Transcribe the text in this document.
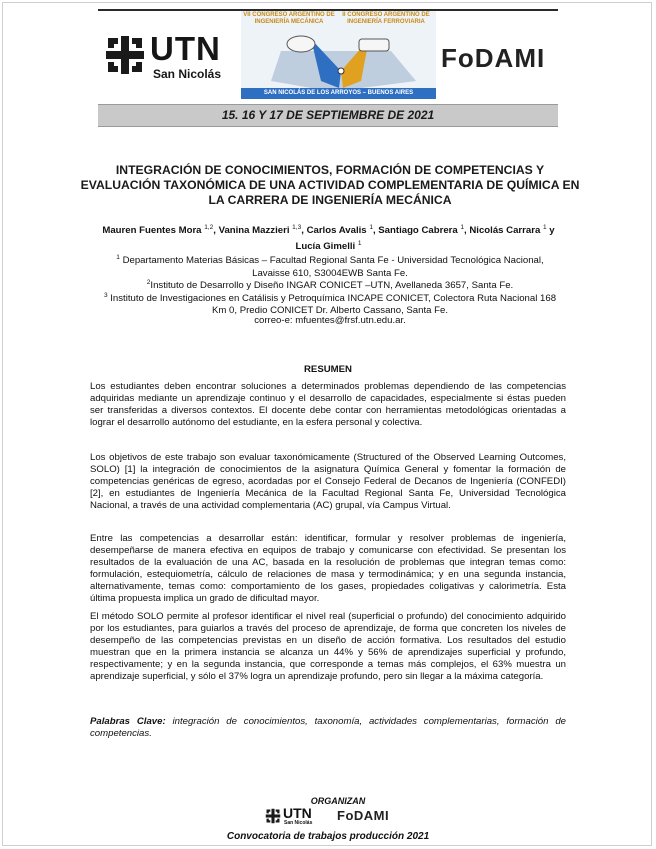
UTN
San Nicolás
VII CONGRESO ARGENTINO DE INGENIERÍA MECÁNICA
II CONGRESO ARGENTINO DE INGENIERÍA FERROVIARIA
SAN NICOLÁS DE LOS ARROYOS – BUENOS AIRES
FoDAMI
15. 16 Y 17 DE SEPTIEMBRE DE 2021
INTEGRACIÓN DE CONOCIMIENTOS, FORMACIÓN DE COMPETENCIAS Y EVALUACIÓN TAXONÓMICA DE UNA ACTIVIDAD COMPLEMENTARIA DE QUÍMICA EN LA CARRERA DE INGENIERÍA MECÁNICA
Mauren Fuentes Mora $^{1,2}$, Vanina Mazzieri $^{1,3}$, Carlos Avalis $^1$, Santiago Cabrera $^1$, Nicolás Carrara $^1$ y Lucía Gimelli $^1$
$^1$ Departamento Materias Básicas – Facultad Regional Santa Fe - Universidad Tecnológica Nacional, Lavaisse 610, S3004EWB Santa Fe.
$^2$Instituto de Desarrollo y Diseño INGAR CONICET –UTN, Avellaneda 3657, Santa Fe.
$^3$ Instituto de Investigaciones en Catálisis y Petroquímica INCAPE CONICET, Colectora Ruta Nacional 168 Km 0, Predio CONICET Dr. Alberto Cassano, Santa Fe.
correo-e: mfuentes@frsf.utn.edu.ar.
RESUMEN
Los estudiantes deben encontrar soluciones a determinados problemas dependiendo de las competencias adquiridas mediante un aprendizaje continuo y el desarrollo de capacidades, especialmente si éstas pueden ser transferidas a diversos contextos. El docente debe contar con herramientas metodológicas orientadas a lograr el desarrollo autónomo del estudiante, en la esfera personal y colectiva.
Los objetivos de este trabajo son evaluar taxonómicamente (Structured of the Observed Learning Outcomes, SOLO) [1] la integración de conocimientos de la asignatura Química General y fomentar la formación de competencias genéricas de egreso, acordadas por el Consejo Federal de Decanos de Ingeniería (CONFEDI) [2], en estudiantes de Ingeniería Mecánica de la Facultad Regional Santa Fe, Universidad Tecnológica Nacional, a través de una actividad complementaria (AC) grupal, vía Campus Virtual.
Entre las competencias a desarrollar están: identificar, formular y resolver problemas de ingeniería, desempeñarse de manera efectiva en equipos de trabajo y comunicarse con efectividad. Se presentan los resultados de la evaluación de una AC, basada en la resolución de problemas que integran temas como: formulación, estequiometría, cálculo de relaciones de masa y termodinámica; y en una segunda instancia, alternativamente, temas como: comportamiento de los gases, propiedades coligativas y calorimetría. Esta última propuesta implica un grado de dificultad mayor.
El método SOLO permite al profesor identificar el nivel real (superficial o profundo) del conocimiento adquirido por los estudiantes, para guiarlos a través del proceso de aprendizaje, de forma que concreten los niveles de desempeño de las competencias previstas en un diseño de acción formativa. Los resultados del estudio muestran que en la primera instancia se alcanza un 44% y 56% de aprendizajes superficial y profundo, respectivamente; y en la segunda instancia, que corresponde a temas más complejos, el 63% muestra un aprendizaje superficial, y sólo el 37% logra un aprendizaje profundo, pero sin llegar a la máxima categoría.
Palabras Clave: integración de conocimientos, taxonomía, actividades complementarias, formación de competencias.
ORGANIZAN
UTN
San Nicolás FoDAMI
Convocatoria de trabajos producción 2021
